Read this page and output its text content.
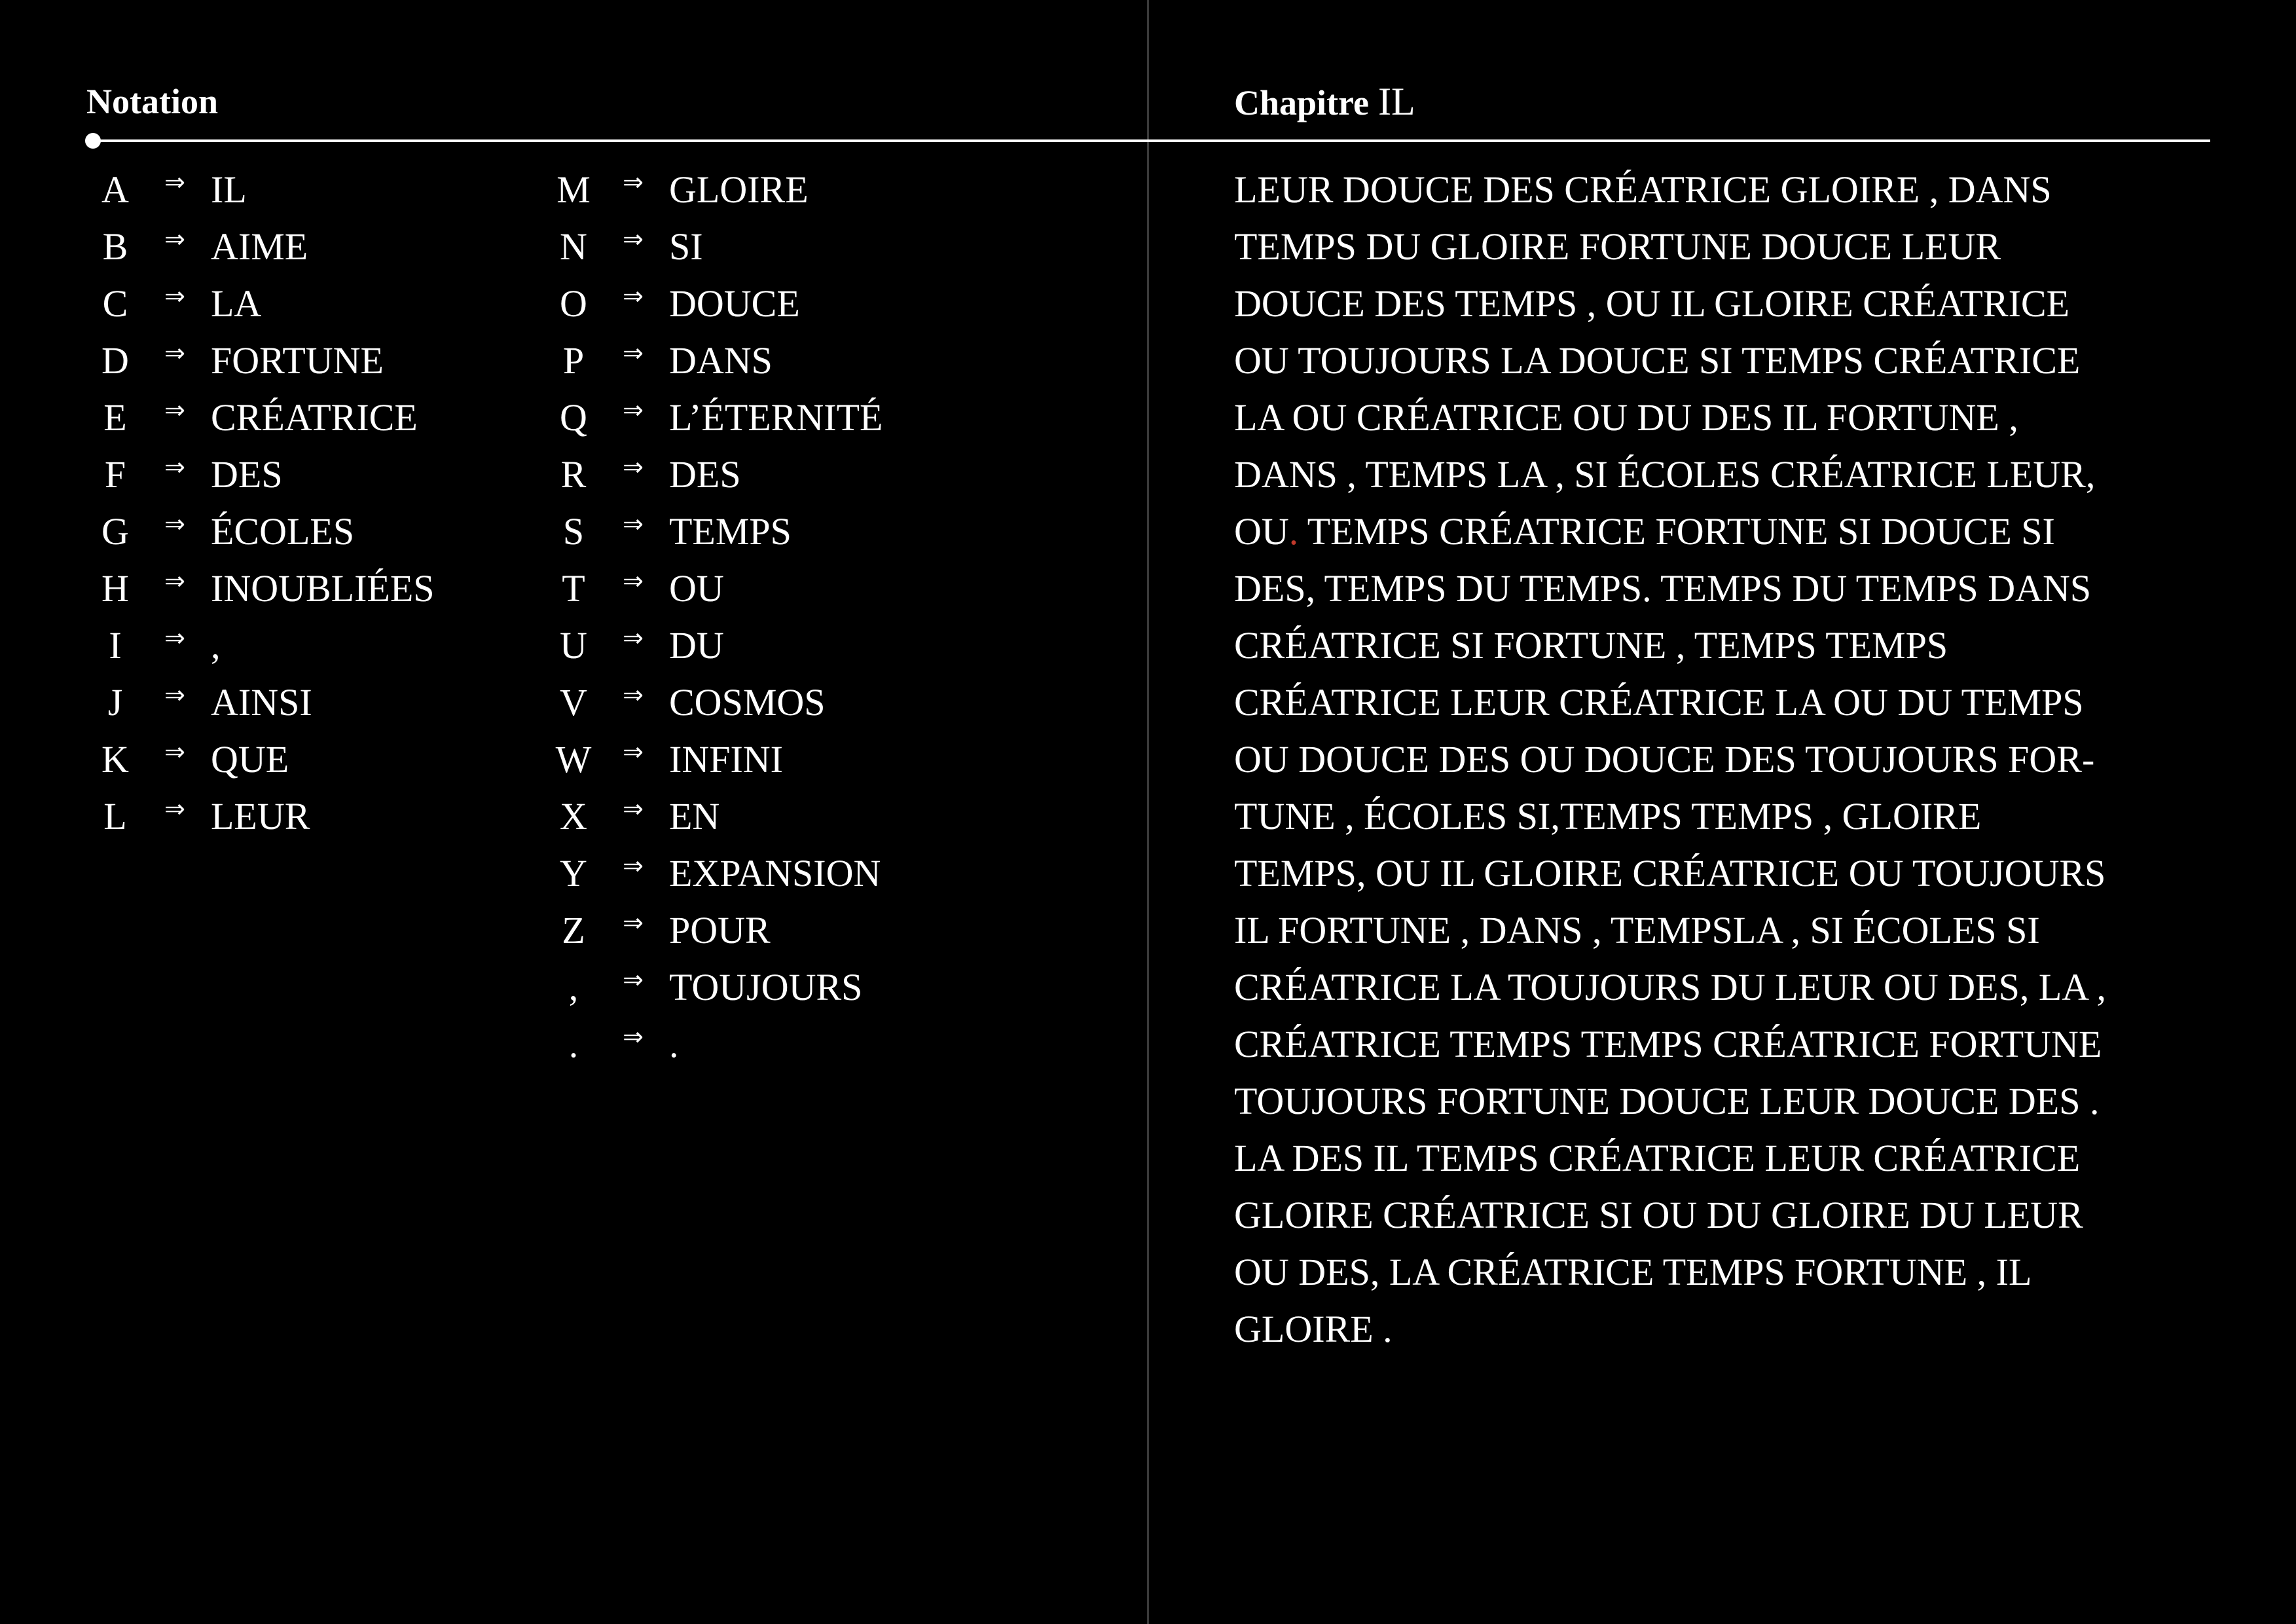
Notation	Chapitre IL
A	⇒ IL
B	⇒ AIME
C	⇒ LA
D	⇒ FORTUNE
E	⇒ CRÉATRICE
F	⇒ DES
G	⇒ ÉCOLES
H	⇒ INOUBLIÉES
I	⇒ ,
J	⇒ AINSI
K	⇒ QUE
L	⇒ LEUR
M	⇒ GLOIRE
N	⇒ SI
O	⇒ DOUCE
P	⇒ DANS
Q	⇒ L’ÉTERNITÉ
R	⇒ DES
S	⇒ TEMPS
T	⇒ OU
U	⇒ DU
V	⇒ COSMOS
W	⇒ INFINI
X	⇒ EN
Y	⇒ EXPANSION
Z	⇒ POUR
,	⇒ TOUJOURS
.	⇒ .
LEUR DOUCE DES CRÉATRICE GLOIRE , DANS
TEMPS DU GLOIRE FORTUNE DOUCE LEUR
DOUCE DES TEMPS , OU IL GLOIRE CRÉATRICE
OU TOUJOURS LA DOUCE SI TEMPS CRÉATRICE
LA OU CRÉATRICE OU DU DES IL FORTUNE ,
DANS , TEMPS LA , SI ÉCOLES CRÉATRICE LEUR,
OU. TEMPS CRÉATRICE FORTUNE SI DOUCE SI
DES, TEMPS DU TEMPS. TEMPS DU TEMPS DANS
CRÉATRICE SI FORTUNE , TEMPS TEMPS
CRÉATRICE LEUR CRÉATRICE LA OU DU TEMPS
OU DOUCE DES OU DOUCE DES TOUJOURS FOR-
TUNE , ÉCOLES SI,TEMPS TEMPS , GLOIRE
TEMPS, OU IL GLOIRE CRÉATRICE OU TOUJOURS
IL FORTUNE , DANS , TEMPSLA , SI ÉCOLES SI
CRÉATRICE LA TOUJOURS DU LEUR OU DES, LA ,
CRÉATRICE TEMPS TEMPS CRÉATRICE FORTUNE
TOUJOURS FORTUNE DOUCE LEUR DOUCE DES .
LA DES IL TEMPS CRÉATRICE LEUR CRÉATRICE
GLOIRE CRÉATRICE SI OU DU GLOIRE DU LEUR
OU DES, LA CRÉATRICE TEMPS FORTUNE , IL
GLOIRE .
